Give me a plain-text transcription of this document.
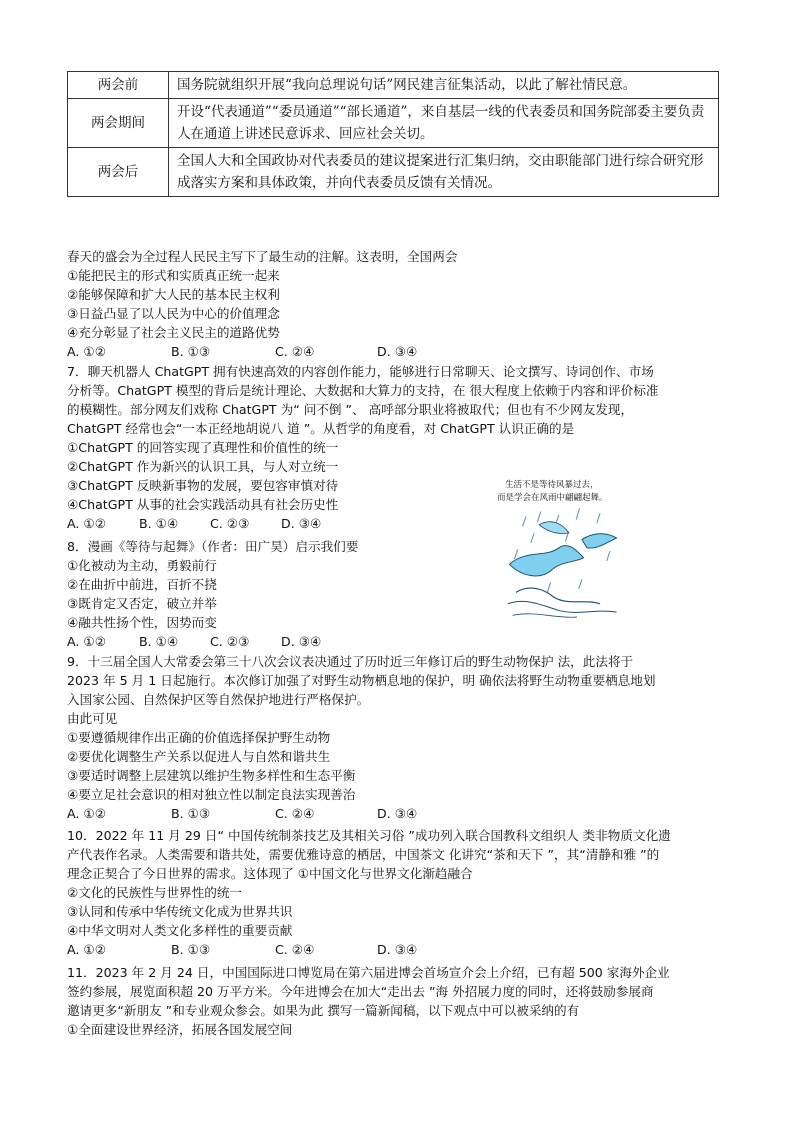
两会前	国务院就组织开展“我向总理说句话”网民建言征集活动，以此了解社情民意。
两会期间	开设“代表通道”“委员通道”“部长通道”，来自基层一线的代表委员和国务院部委主要负责人在通道上讲述民意诉求、回应社会关切。
两会后	全国人大和全国政协对代表委员的建议提案进行汇集归纳，交由职能部门进行综合研究形成落实方案和具体政策，并向代表委员反馈有关情况。
春天的盛会为全过程人民民主写下了最生动的注解。这表明，全国两会
①能把民主的形式和实质真正统一起来
②能够保障和扩大人民的基本民主权利
③日益凸显了以人民为中心的价值理念
④充分彰显了社会主义民主的道路优势
A. ①②	B. ①③	C. ②④	D. ③④
7．聊天机器人 ChatGPT 拥有快速高效的内容创作能力，能够进行日常聊天、论文撰写、诗词创作、市场
分析等。ChatGPT 模型的背后是统计理论、大数据和大算力的支持，在 很大程度上依赖于内容和评价标准
的模糊性。部分网友们戏称 ChatGPT 为“ 问不倒 ”、 高呼部分职业将被取代；但也有不少网友发现，
ChatGPT 经常也会“一本正经地胡说八 道 ”。从哲学的角度看，对 ChatGPT 认识正确的是
①ChatGPT 的回答实现了真理性和价值性的统一
②ChatGPT 作为新兴的认识工具，与人对立统一
③ChatGPT 反映新事物的发展，要包容审慎对待
④ChatGPT 从事的社会实践活动具有社会历史性
A. ①②	B. ①④	C. ②③	D. ③④
8．漫画《等待与起舞》（作者：田广昊）启示我们要
①化被动为主动，勇毅前行
②在曲折中前进，百折不挠
③既肯定又否定，破立并举
④融共性扬个性，因势而变
A. ①②	B. ①④	C. ②③	D. ③④
生活不是等待风暴过去，
而是学会在风雨中翩翩起舞。
9．十三届全国人大常委会第三十八次会议表决通过了历时近三年修订后的野生动物保护 法，此法将于
2023 年 5 月 1 日起施行。本次修订加强了对野生动物栖息地的保护，明 确依法将野生动物重要栖息地划
入国家公园、自然保护区等自然保护地进行严格保护。
由此可见
①要遵循规律作出正确的价值选择保护野生动物
②要优化调整生产关系以促进人与自然和谐共生
③要适时调整上层建筑以维护生物多样性和生态平衡
④要立足社会意识的相对独立性以制定良法实现善治
A. ①②	B. ①③	C. ②④	D. ③④
10．2022 年 11 月 29 日“ 中国传统制茶技艺及其相关习俗 ”成功列入联合国教科文组织人 类非物质文化遗
产代表作名录。人类需要和谐共处，需要优雅诗意的栖居，中国茶文 化讲究“茶和天下 ”，其“清静和雅 ”的
理念正契合了今日世界的需求。这体现了 ①中国文化与世界文化渐趋融合
②文化的民族性与世界性的统一
③认同和传承中华传统文化成为世界共识
④中华文明对人类文化多样性的重要贡献
A. ①②	B. ①③	C. ②④	D. ③④
11．2023 年 2 月 24 日，中国国际进口博览局在第六届进博会首场宣介会上介绍，已有超 500 家海外企业
签约参展，展览面积超 20 万平方米。今年进博会在加大“走出去 ”海 外招展力度的同时，还将鼓励参展商
邀请更多“新朋友 ”和专业观众参会。如果为此 撰写一篇新闻稿，以下观点中可以被采纳的有
①全面建设世界经济，拓展各国发展空间
